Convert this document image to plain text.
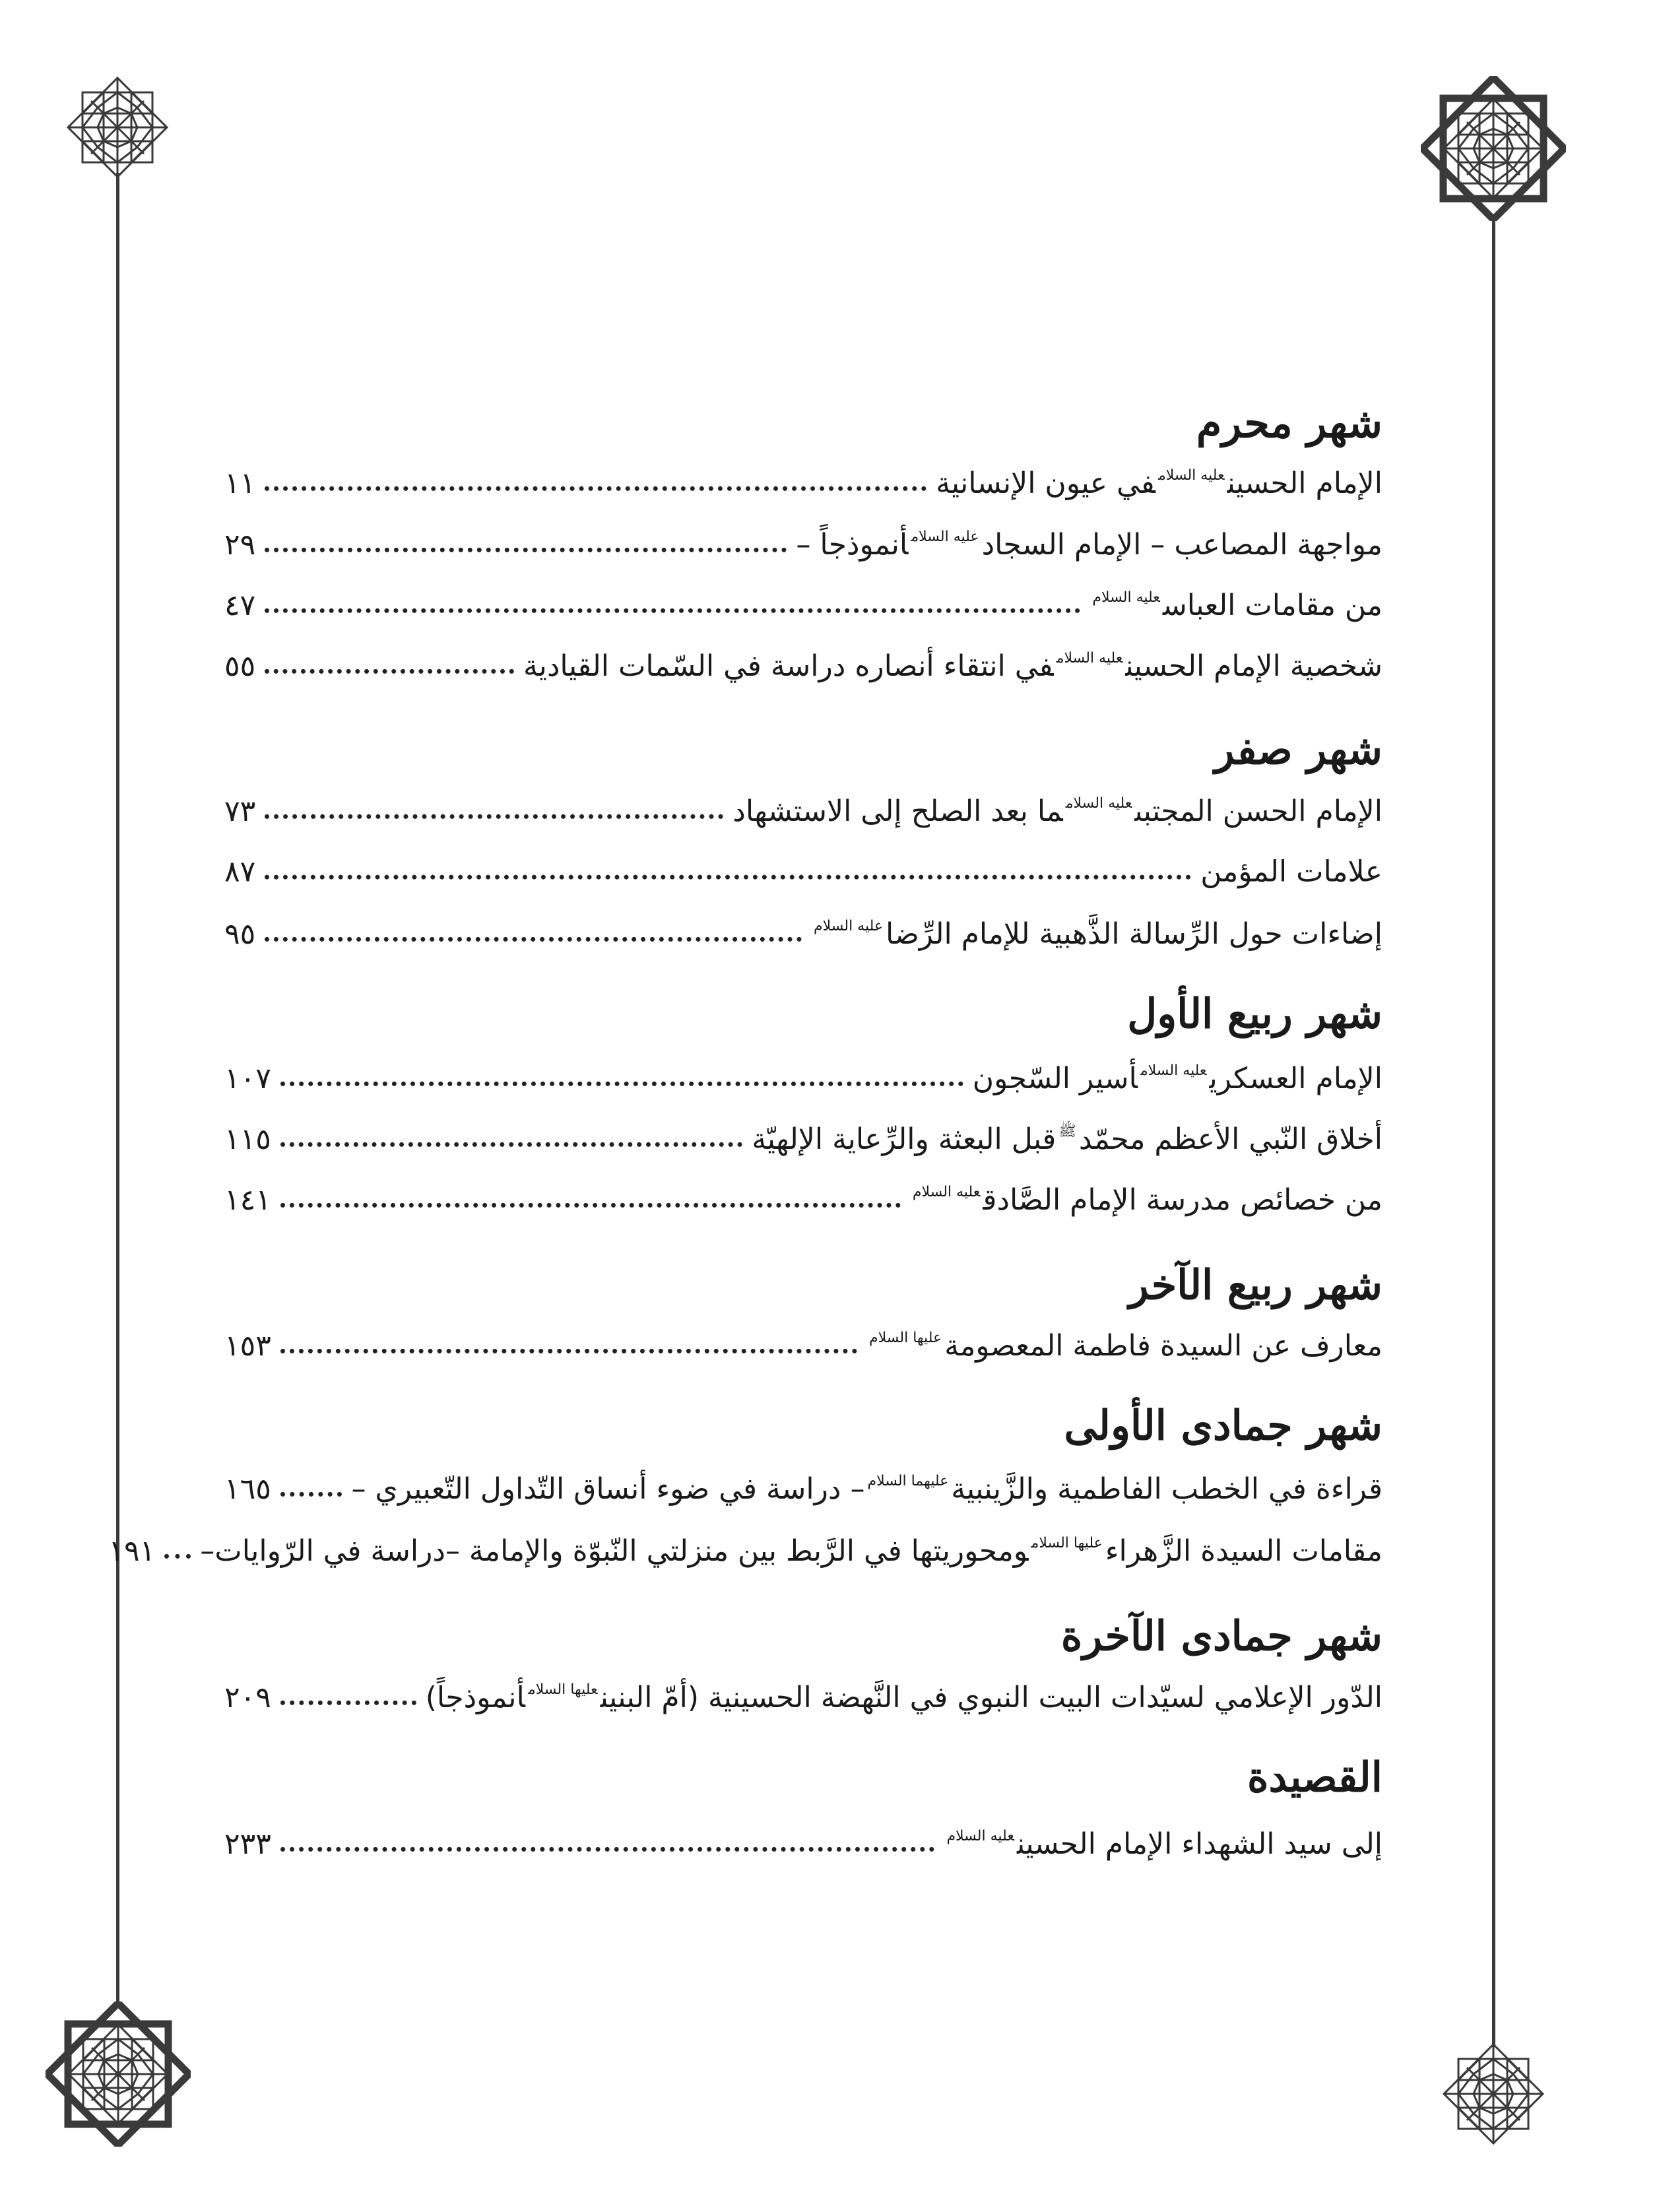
شهر محرم
الإمام الحسين$^{عليه السلام}$في عيون الإنسانية
١١
مواجهة المصاعب – الإمام السجاد$^{عليه السلام}$أنموذجاً –
٢٩
من مقامات العباس$^{عليه السلام}$
٤٧
شخصية الإمام الحسين$^{عليه السلام}$في انتقاء أنصاره دراسة في السّمات القيادية
٥٥
شهر صفر
الإمام الحسن المجتبى$^{عليه السلام}$ما بعد الصلح إلى الاستشهاد
٧٣
علامات المؤمن
٨٧
إضاءات حول الرِّسالة الذَّهبية للإمام الرِّضا$^{عليه السلام}$
٩٥
شهر ربيع الأول
الإمام العسكري$^{عليه السلام}$أسير السّجون
١٠٧
أخلاق النّبي الأعظم محمّد$^ﷺ$قبل البعثة والرِّعاية الإلهيّة
١١٥
من خصائص مدرسة الإمام الصَّادق$^{عليه السلام}$
١٤١
شهر ربيع الآخر
معارف عن السيدة فاطمة المعصومة$^{عليها السلام}$
١٥٣
شهر جمادى الأولى
قراءة في الخطب الفاطمية والزَّينبية$^{عليهما السلام}$– دراسة في ضوء أنساق التّداول التّعبيري –
١٦٥
مقامات السيدة الزَّهراء$^{عليها السلام}$ومحوريتها في الرَّبط بين منزلتي النّبوّة والإمامة –دراسة في الرّوايات–
١٩١
شهر جمادى الآخرة
الدّور الإعلامي لسيّدات البيت النبوي في النَّهضة الحسينية (أمّ البنين$^{عليها السلام}$أنموذجاً)
٢٠٩
القصيدة
إلى سيد الشهداء الإمام الحسين$^{عليه السلام}$
٢٣٣
